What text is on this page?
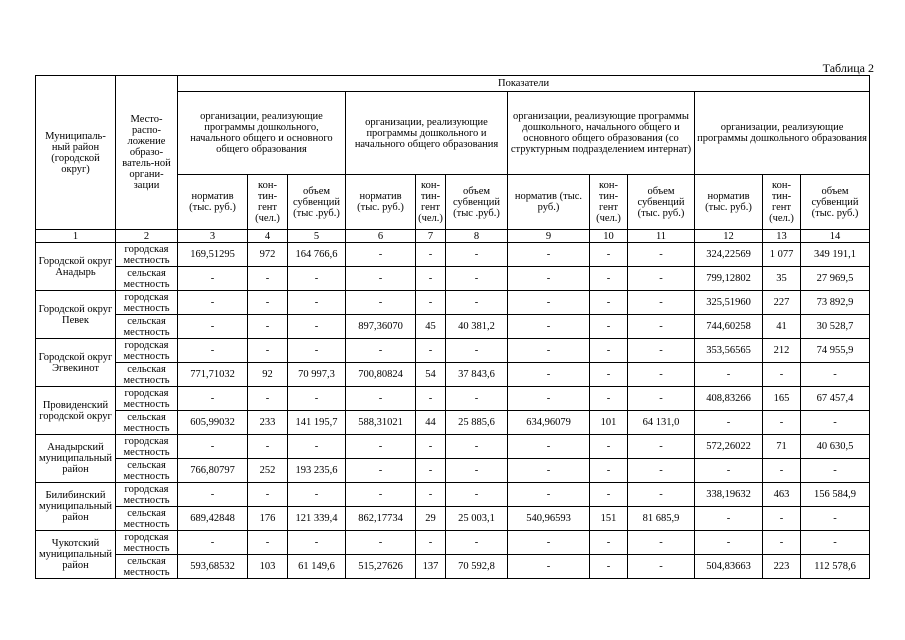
Таблица 2
Муниципаль-ный район (городской округ)	Место-распо-ложение образо-ватель-ной органи-зации	Показатели											
		организации, реализующие программы дошкольного, начального общего и основного общего образования			организации, реализующие программы дошкольного и начального общего образования			организации, реализующие программы дошкольного, начального общего и основного общего образования (со структурным подразделением интернат)			организации, реализующие программы дошкольного образования		
		норматив (тыс. руб.)	кон-тин-гент (чел.)	объем субвенций (тыс .руб.)	норматив (тыс. руб.)	кон-тин-гент (чел.)	объем субвенций (тыс .руб.)	норматив (тыс. руб.)	кон-тин-гент (чел.)	объем субвенций (тыс. руб.)	норматив (тыс. руб.)	кон-тин-гент (чел.)	объем субвенций (тыс. руб.)
1	2	3	4	5	6	7	8	9	10	11	12	13	14
Городской округ Анадырь	городская местность	169,51295	972	164 766,6	-	-	-	-	-	-	324,22569	1 077	349 191,1
	сельская местность	-	-	-	-	-	-	-	-	-	799,12802	35	27 969,5
Городской округ Певек	городская местность	-	-	-	-	-	-	-	-	-	325,51960	227	73 892,9
	сельская местность	-	-	-	897,36070	45	40 381,2	-	-	-	744,60258	41	30 528,7
Городской округ Эгвекинот	городская местность	-	-	-	-	-	-	-	-	-	353,56565	212	74 955,9
	сельская местность	771,71032	92	70 997,3	700,80824	54	37 843,6	-	-	-	-	-	-
Провиденский городской округ	городская местность	-	-	-	-	-	-	-	-	-	408,83266	165	67 457,4
	сельская местность	605,99032	233	141 195,7	588,31021	44	25 885,6	634,96079	101	64 131,0	-	-	-
Анадырский муниципальный район	городская местность	-	-	-	-	-	-	-	-	-	572,26022	71	40 630,5
	сельская местность	766,80797	252	193 235,6	-	-	-	-	-	-	-	-	-
Билибинский муниципальный район	городская местность	-	-	-	-	-	-	-	-	-	338,19632	463	156 584,9
	сельская местность	689,42848	176	121 339,4	862,17734	29	25 003,1	540,96593	151	81 685,9	-	-	-
Чукотский муниципальный район	городская местность	-	-	-	-	-	-	-	-	-	-	-	-
	сельская местность	593,68532	103	61 149,6	515,27626	137	70 592,8	-	-	-	504,83663	223	112 578,6
